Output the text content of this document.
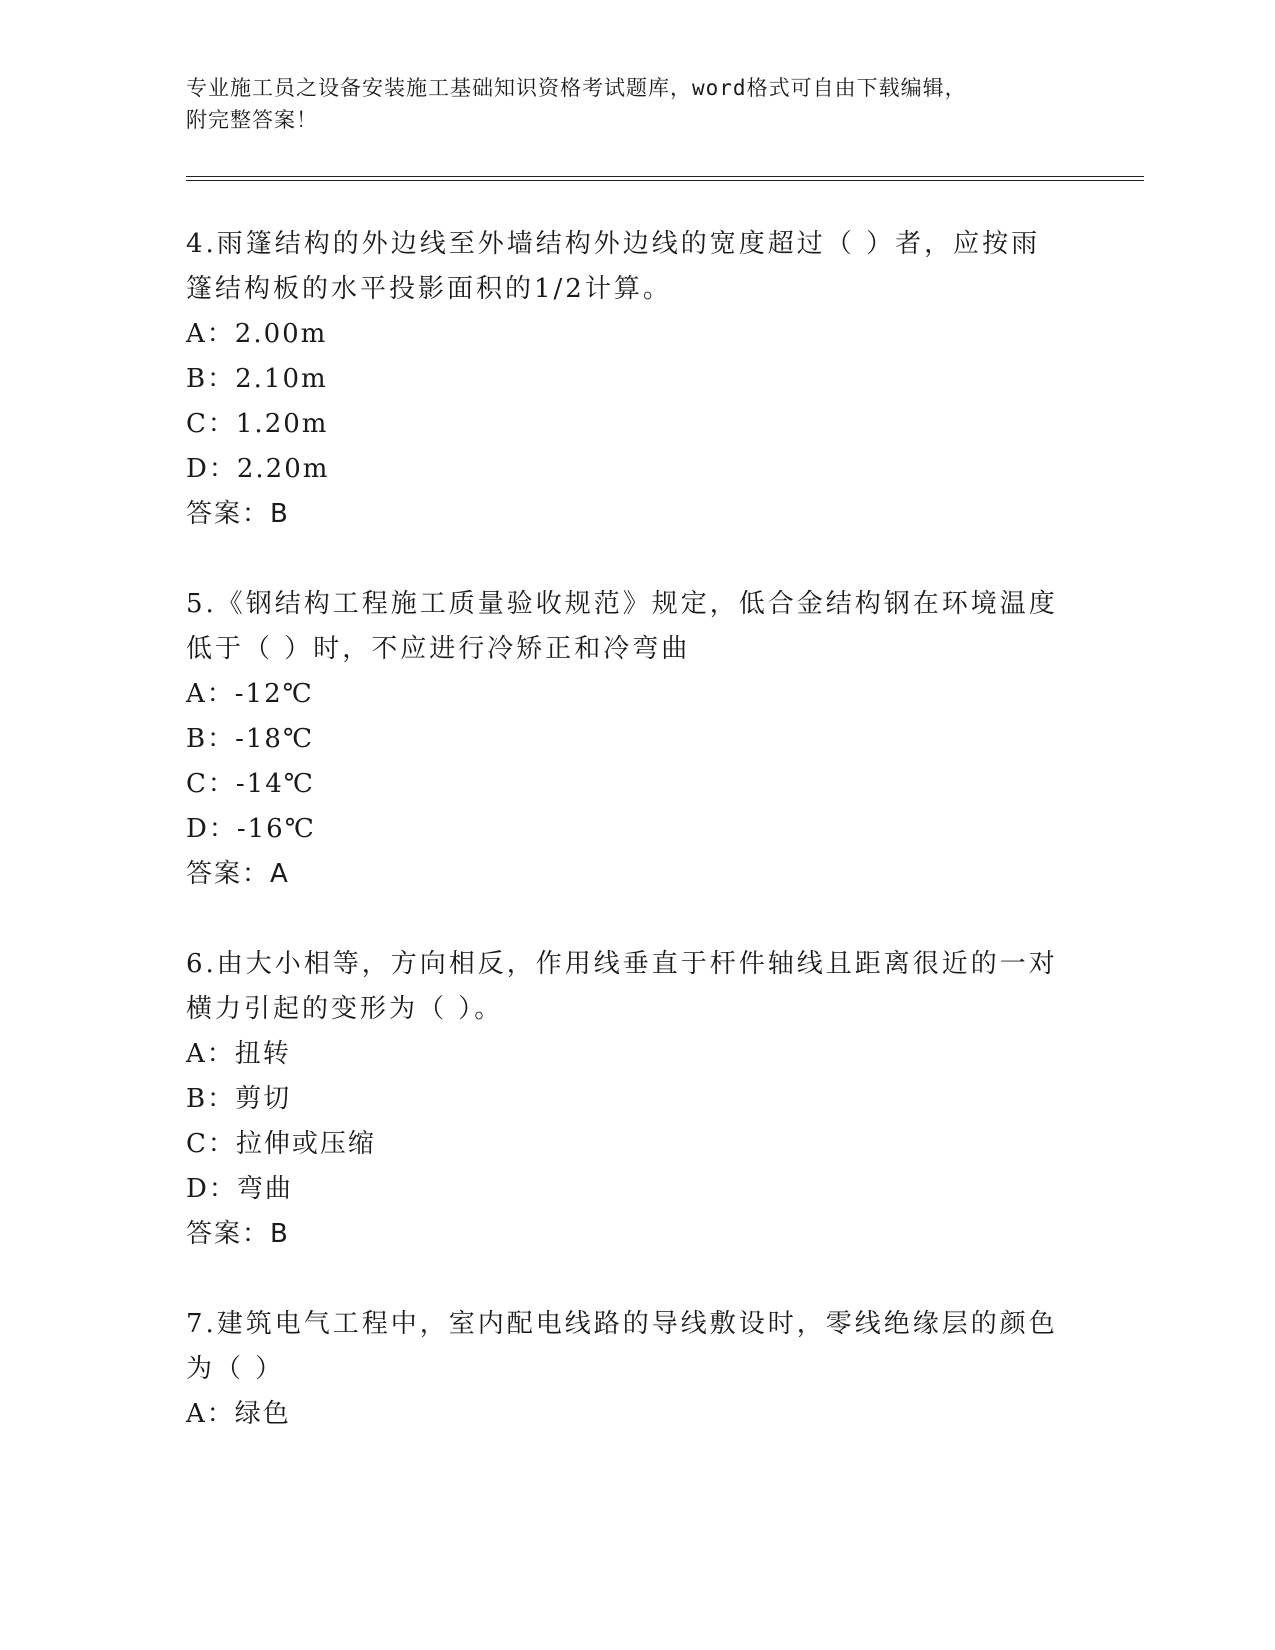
专业施工员之设备安装施工基础知识资格考试题库，word格式可自由下载编辑，
附完整答案！

4.雨篷结构的外边线至外墙结构外边线的宽度超过（ ）者，应按雨篷结构板的水平投影面积的1/2计算。

A：2.00m

B：2.10m

C：1.20m

D：2.20m

答案：B

5.《钢结构工程施工质量验收规范》规定，低合金结构钢在环境温度低于（ ）时，不应进行冷矫正和冷弯曲

A：-12℃

B：-18℃

C：-14℃

D：-16℃

答案：A

6.由大小相等，方向相反，作用线垂直于杆件轴线且距离很近的一对横力引起的变形为（ ）。

A：扭转

B：剪切

C：拉伸或压缩

D：弯曲

答案：B

7.建筑电气工程中，室内配电线路的导线敷设时，零线绝缘层的颜色为（ ）

A：绿色
